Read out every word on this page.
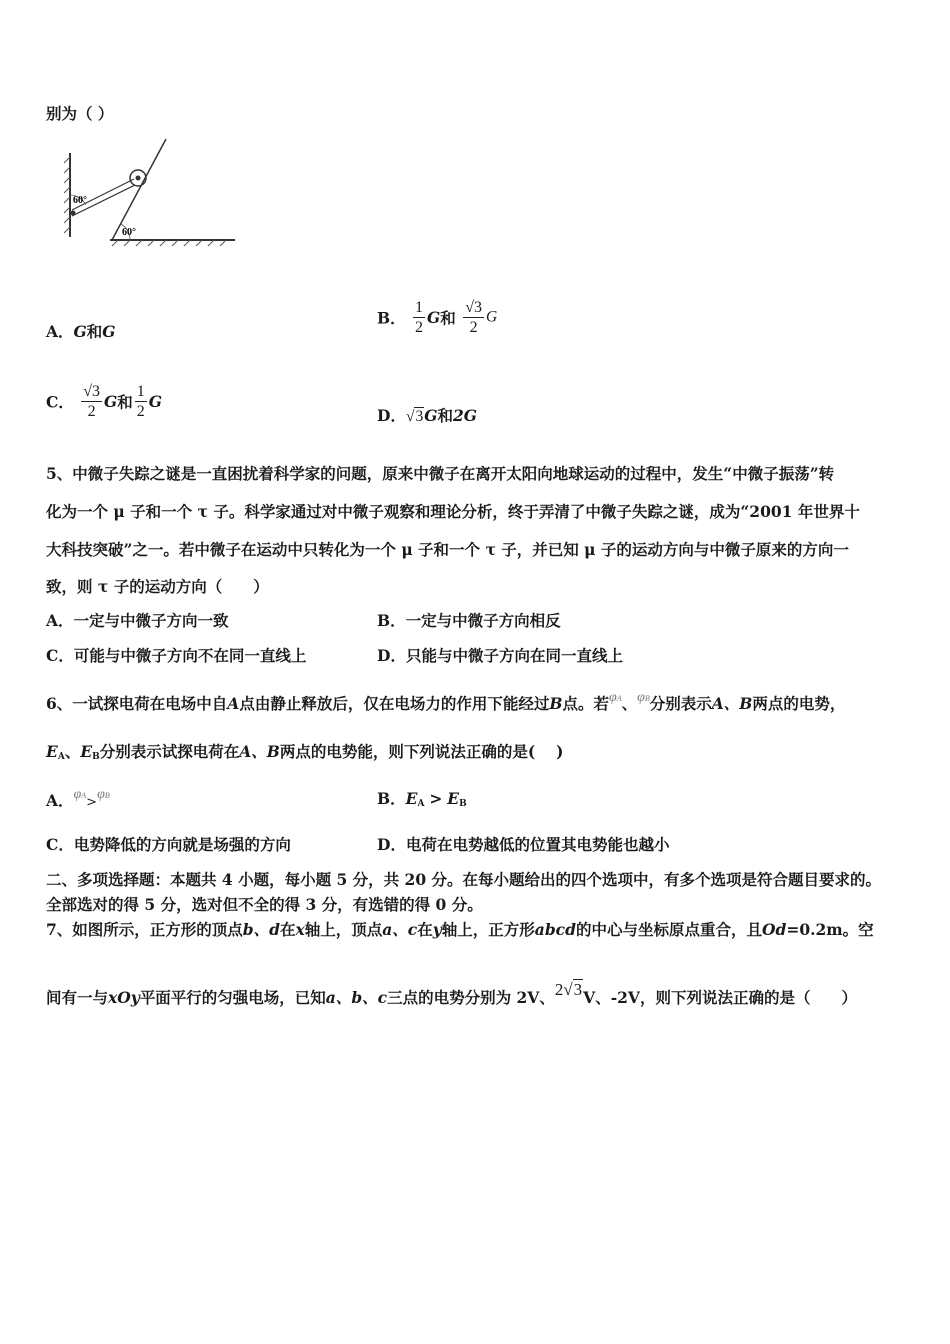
别为（ ）
60°
60°
A．G和G
B． $\frac{1}{2}$ G和 $\frac{√3}{2}$ G
C． $\frac{√3}{2}$ G和 $\frac{1}{2}$ G
D．√3G和2G
5、中微子失踪之谜是一直困扰着科学家的问题，原来中微子在离开太阳向地球运动的过程中，发生“中微子振荡”转
化为一个 μ 子和一个 τ 子。科学家通过对中微子观察和理论分析，终于弄清了中微子失踪之谜，成为“2001 年世界十
大科技突破”之一。若中微子在运动中只转化为一个 μ 子和一个 τ 子，并已知 μ 子的运动方向与中微子原来的方向一
致，则 τ 子的运动方向（　　）
A．一定与中微子方向一致	B．一定与中微子方向相反
C．可能与中微子方向不在同一直线上	D．只能与中微子方向在同一直线上
6、一试探电荷在电场中自A点由静止释放后，仅在电场力的作用下能经过B点。若φA、φB分别表示A、B两点的电势，
$E_A$、$E_B$分别表示试探电荷在A、B两点的电势能，则下列说法正确的是(　 )
A．φA>φB	B．$E_A > E_B$
C．电势降低的方向就是场强的方向	D．电荷在电势越低的位置其电势能也越小
二、多项选择题：本题共 4 小题，每小题 5 分，共 20 分。在每小题给出的四个选项中，有多个选项是符合题目要求的。
全部选对的得 5 分，选对但不全的得 3 分，有选错的得 0 分。
7、如图所示，正方形的顶点b、d在x轴上，顶点a、c在y轴上，正方形abcd的中心与坐标原点重合，且Od=0.2m。空
间有一与xOy平面平行的匀强电场，已知a、b、c三点的电势分别为 2V、2√3V、-2V，则下列说法正确的是（　　）
